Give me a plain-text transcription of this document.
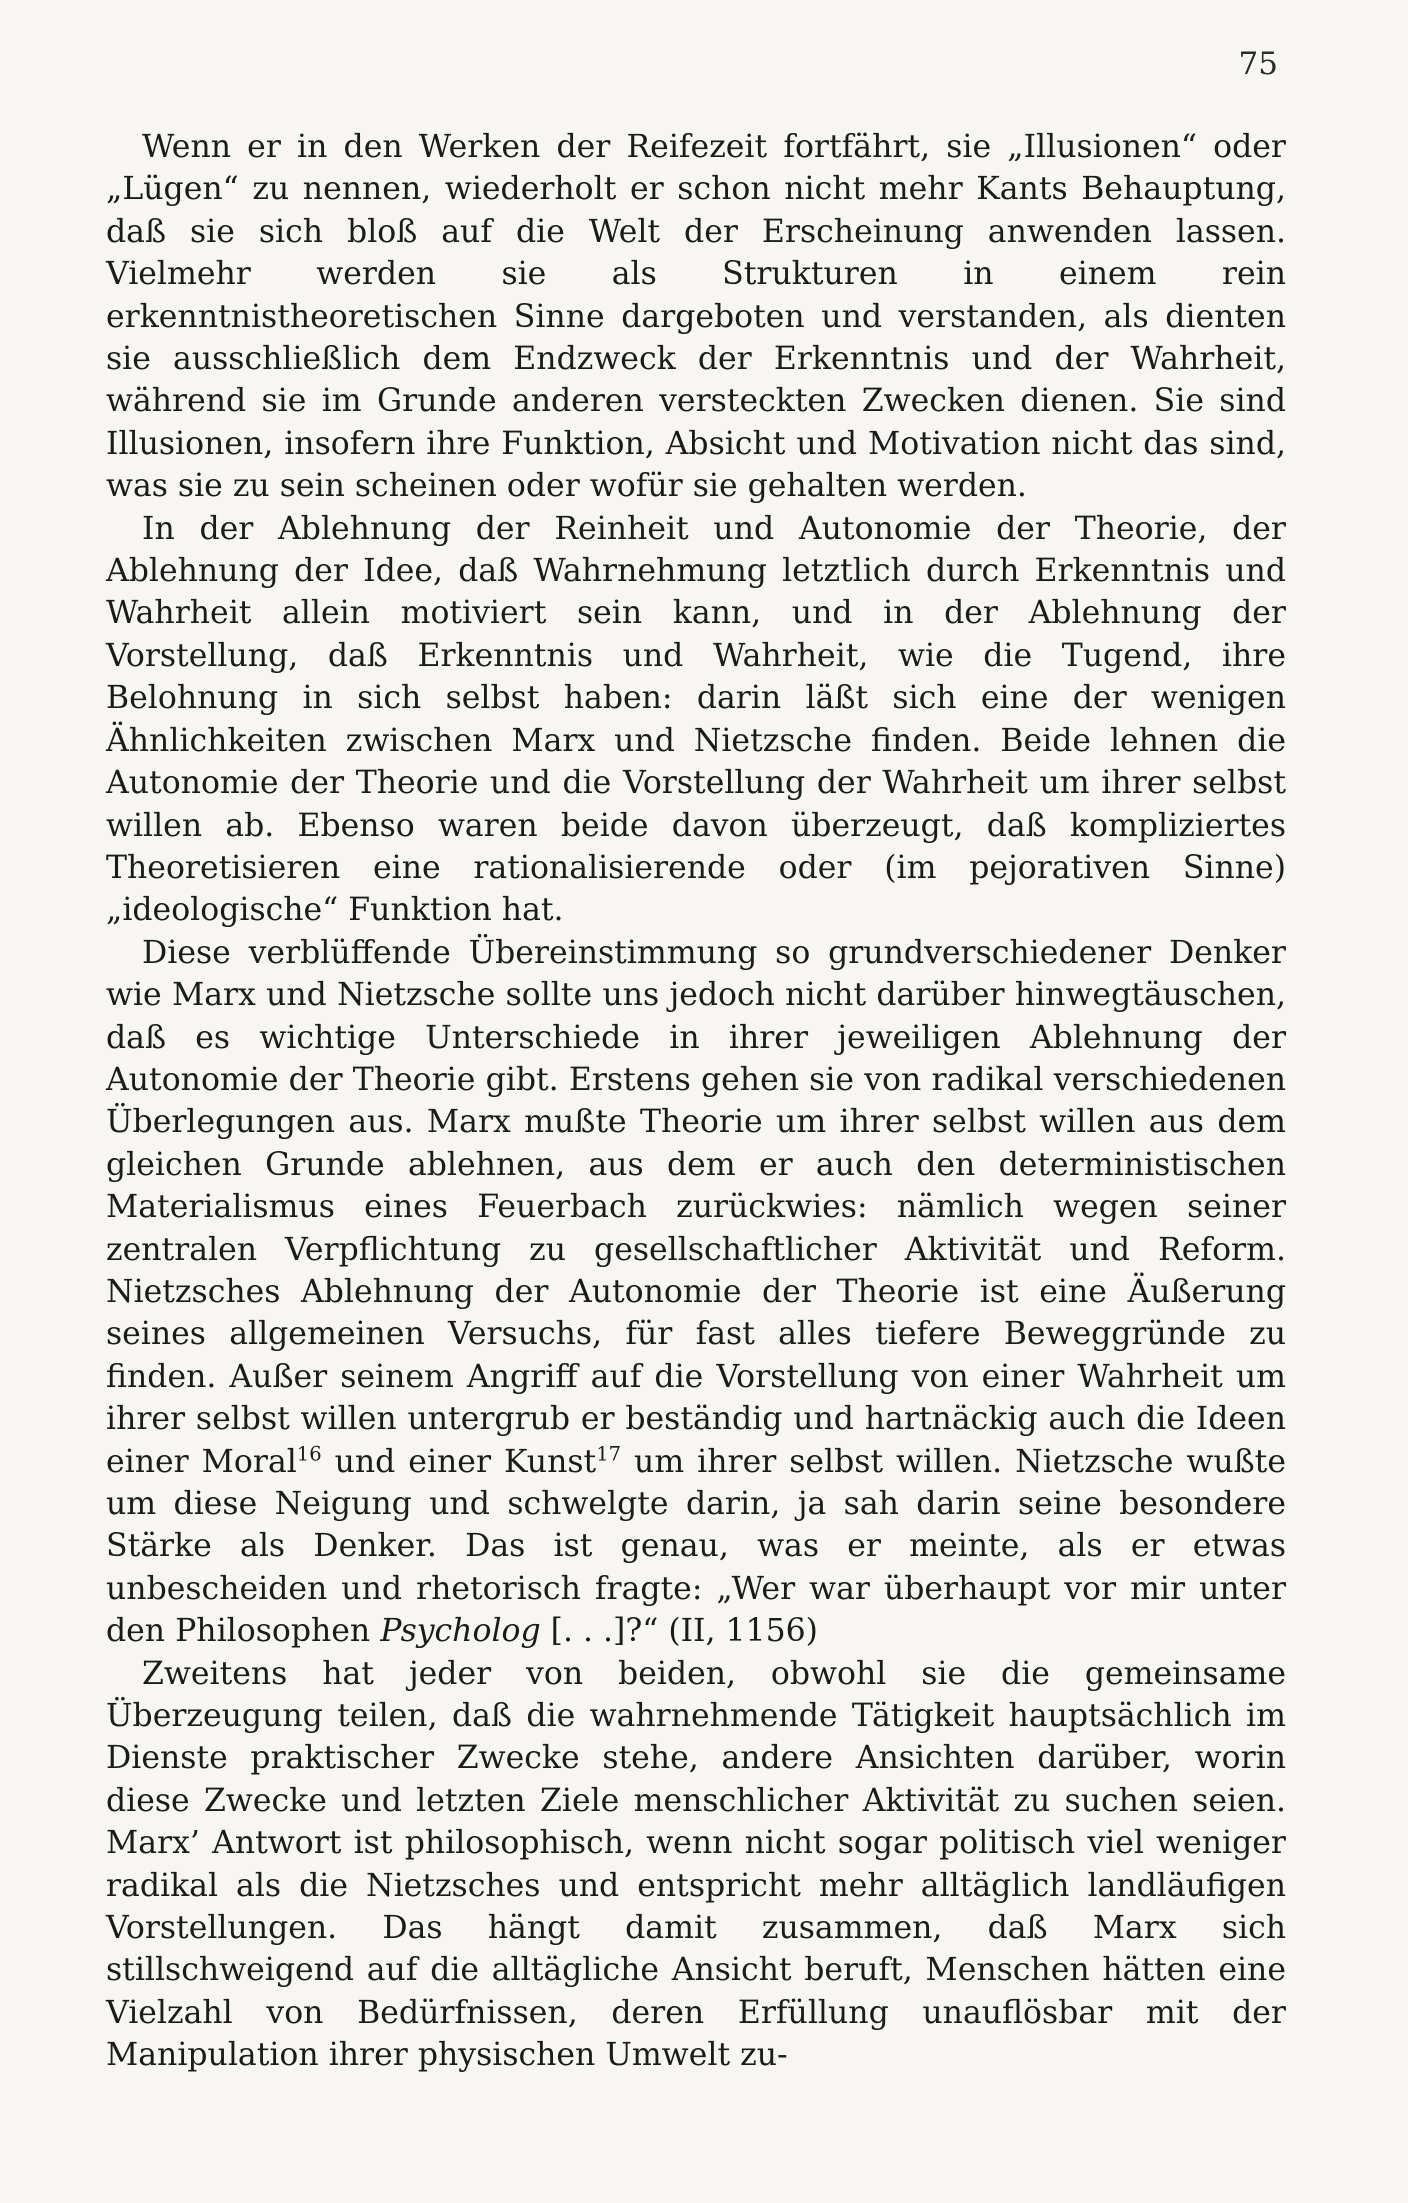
75

Wenn er in den Werken der Reifezeit fortfährt, sie „Illusionen“ oder „Lügen“ zu nennen, wiederholt er schon nicht mehr Kants Behauptung, daß sie sich bloß auf die Welt der Erscheinung anwenden lassen. Vielmehr werden sie als Strukturen in einem rein erkenntnistheoretischen Sinne dargeboten und verstanden, als dienten sie ausschließlich dem Endzweck der Erkenntnis und der Wahrheit, während sie im Grunde anderen versteckten Zwecken dienen. Sie sind Illusionen, insofern ihre Funktion, Absicht und Motivation nicht das sind, was sie zu sein scheinen oder wofür sie gehalten werden.

In der Ablehnung der Reinheit und Autonomie der Theorie, der Ablehnung der Idee, daß Wahrnehmung letztlich durch Erkenntnis und Wahrheit allein motiviert sein kann, und in der Ablehnung der Vorstellung, daß Erkenntnis und Wahrheit, wie die Tugend, ihre Belohnung in sich selbst haben: darin läßt sich eine der wenigen Ähnlichkeiten zwischen Marx und Nietzsche finden. Beide lehnen die Autonomie der Theorie und die Vorstellung der Wahrheit um ihrer selbst willen ab. Ebenso waren beide davon überzeugt, daß kompliziertes Theoretisieren eine rationalisierende oder (im pejorativen Sinne) „ideologische“ Funktion hat.

Diese verblüffende Übereinstimmung so grundverschiedener Denker wie Marx und Nietzsche sollte uns jedoch nicht darüber hinwegtäuschen, daß es wichtige Unterschiede in ihrer jeweiligen Ablehnung der Autonomie der Theorie gibt. Erstens gehen sie von radikal verschiedenen Überlegungen aus. Marx mußte Theorie um ihrer selbst willen aus dem gleichen Grunde ablehnen, aus dem er auch den deterministischen Materialismus eines Feuerbach zurückwies: nämlich wegen seiner zentralen Verpflichtung zu gesellschaftlicher Aktivität und Reform. Nietzsches Ablehnung der Autonomie der Theorie ist eine Äußerung seines allgemeinen Versuchs, für fast alles tiefere Beweggründe zu finden. Außer seinem Angriff auf die Vorstellung von einer Wahrheit um ihrer selbst willen untergrub er beständig und hartnäckig auch die Ideen einer Moral$^{16}$ und einer Kunst$^{17}$ um ihrer selbst willen. Nietzsche wußte um diese Neigung und schwelgte darin, ja sah darin seine besondere Stärke als Denker. Das ist genau, was er meinte, als er etwas unbescheiden und rhetorisch fragte: „Wer war überhaupt vor mir unter den Philosophen Psycholog [. . .]?“ (II, 1156)

Zweitens hat jeder von beiden, obwohl sie die gemeinsame Überzeugung teilen, daß die wahrnehmende Tätigkeit hauptsächlich im Dienste praktischer Zwecke stehe, andere Ansichten darüber, worin diese Zwecke und letzten Ziele menschlicher Aktivität zu suchen seien. Marx’ Antwort ist philosophisch, wenn nicht sogar politisch viel weniger radikal als die Nietzsches und entspricht mehr alltäglich landläufigen Vorstellungen. Das hängt damit zusammen, daß Marx sich stillschweigend auf die alltägliche Ansicht beruft, Menschen hätten eine Vielzahl von Bedürfnissen, deren Erfüllung unauflösbar mit der Manipulation ihrer physischen Umwelt zu-
